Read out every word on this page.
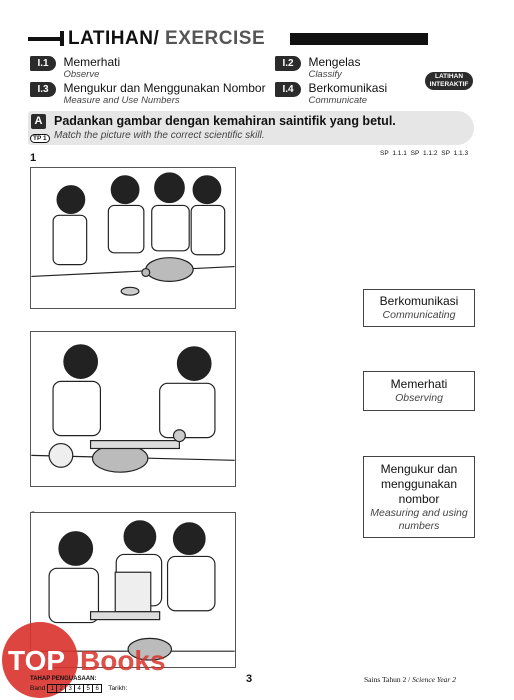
LATIHAN/ EXERCISE
I.1 Memerhati
Observe
I.2 Mengelas
Classify
I.3 Mengukur dan Menggunakan Nombor
Measure and Use Numbers
I.4 Berkomunikasi
Communicate
LATIHAN
INTERAKTIF
A
TP 1
Padankan gambar dengan kemahiran saintifik yang betul.
Match the picture with the correct scientific skill.
SP 1.1.1 SP 1.1.2 SP 1.1.3
1
Berkomunikasi
Communicating
Memerhati
Observing
Mengukur dan
menggunakan
nombor
Measuring and using
numbers
TOP Books
TAHAP PENGUASAAN:
Band 1 2 3 4 5 6	Tarikh:
3	Sains Tahun 2 / Science Year 2
